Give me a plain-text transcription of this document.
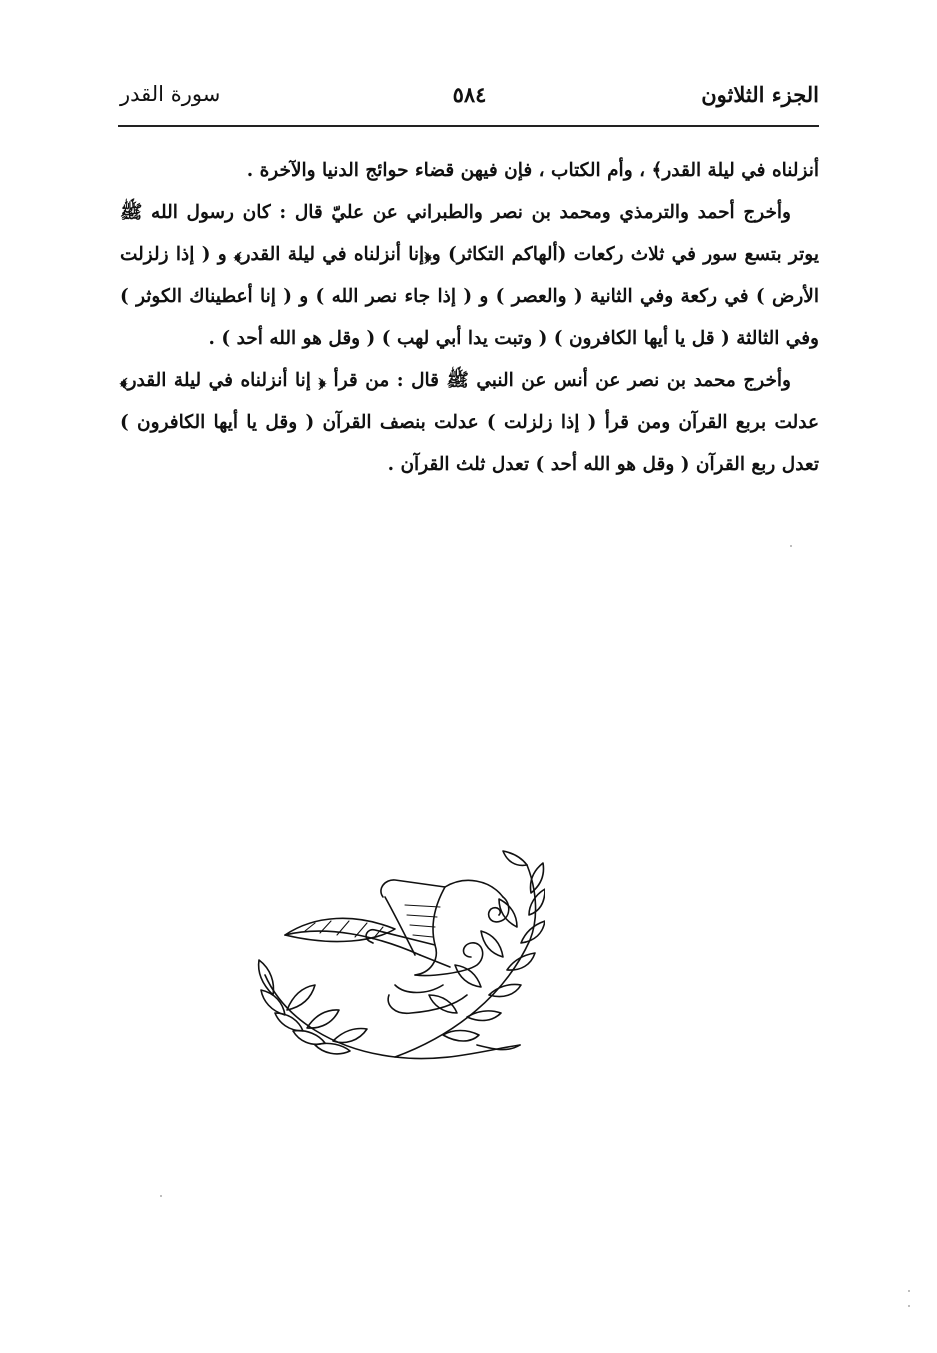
الجزء الثلاثون
٥٨٤
سورة القدر

أنزلناه في ليلة القدر﴾ ، وأم الكتاب ، فإن فيهن قضاء حوائج الدنيا والآخرة .

وأخرج أحمد والترمذي ومحمد بن نصر والطبراني عن عليّ قال : كان رسول الله ﷺ يوتر بتسع سور في ثلاث ركعات (ألهاكم التكاثر) و﴿إنا أنزلناه في ليلة القدر﴾ و ( إذا زلزلت الأرض ) في ركعة وفي الثانية ( والعصر ) و ( إذا جاء نصر الله ) و ( إنا أعطيناك الكوثر ) وفي الثالثة ( قل يا أيها الكافرون ) ( وتبت يدا أبي لهب ) ( وقل هو الله أحد ) .

وأخرج محمد بن نصر عن أنس عن النبي ﷺ قال : من قرأ ﴿ إنا أنزلناه في ليلة القدر﴾ عدلت بربع القرآن ومن قرأ ( إذا زلزلت ) عدلت بنصف القرآن ( وقل يا أيها الكافرون ) تعدل ربع القرآن ( وقل هو الله أحد ) تعدل ثلث القرآن .
